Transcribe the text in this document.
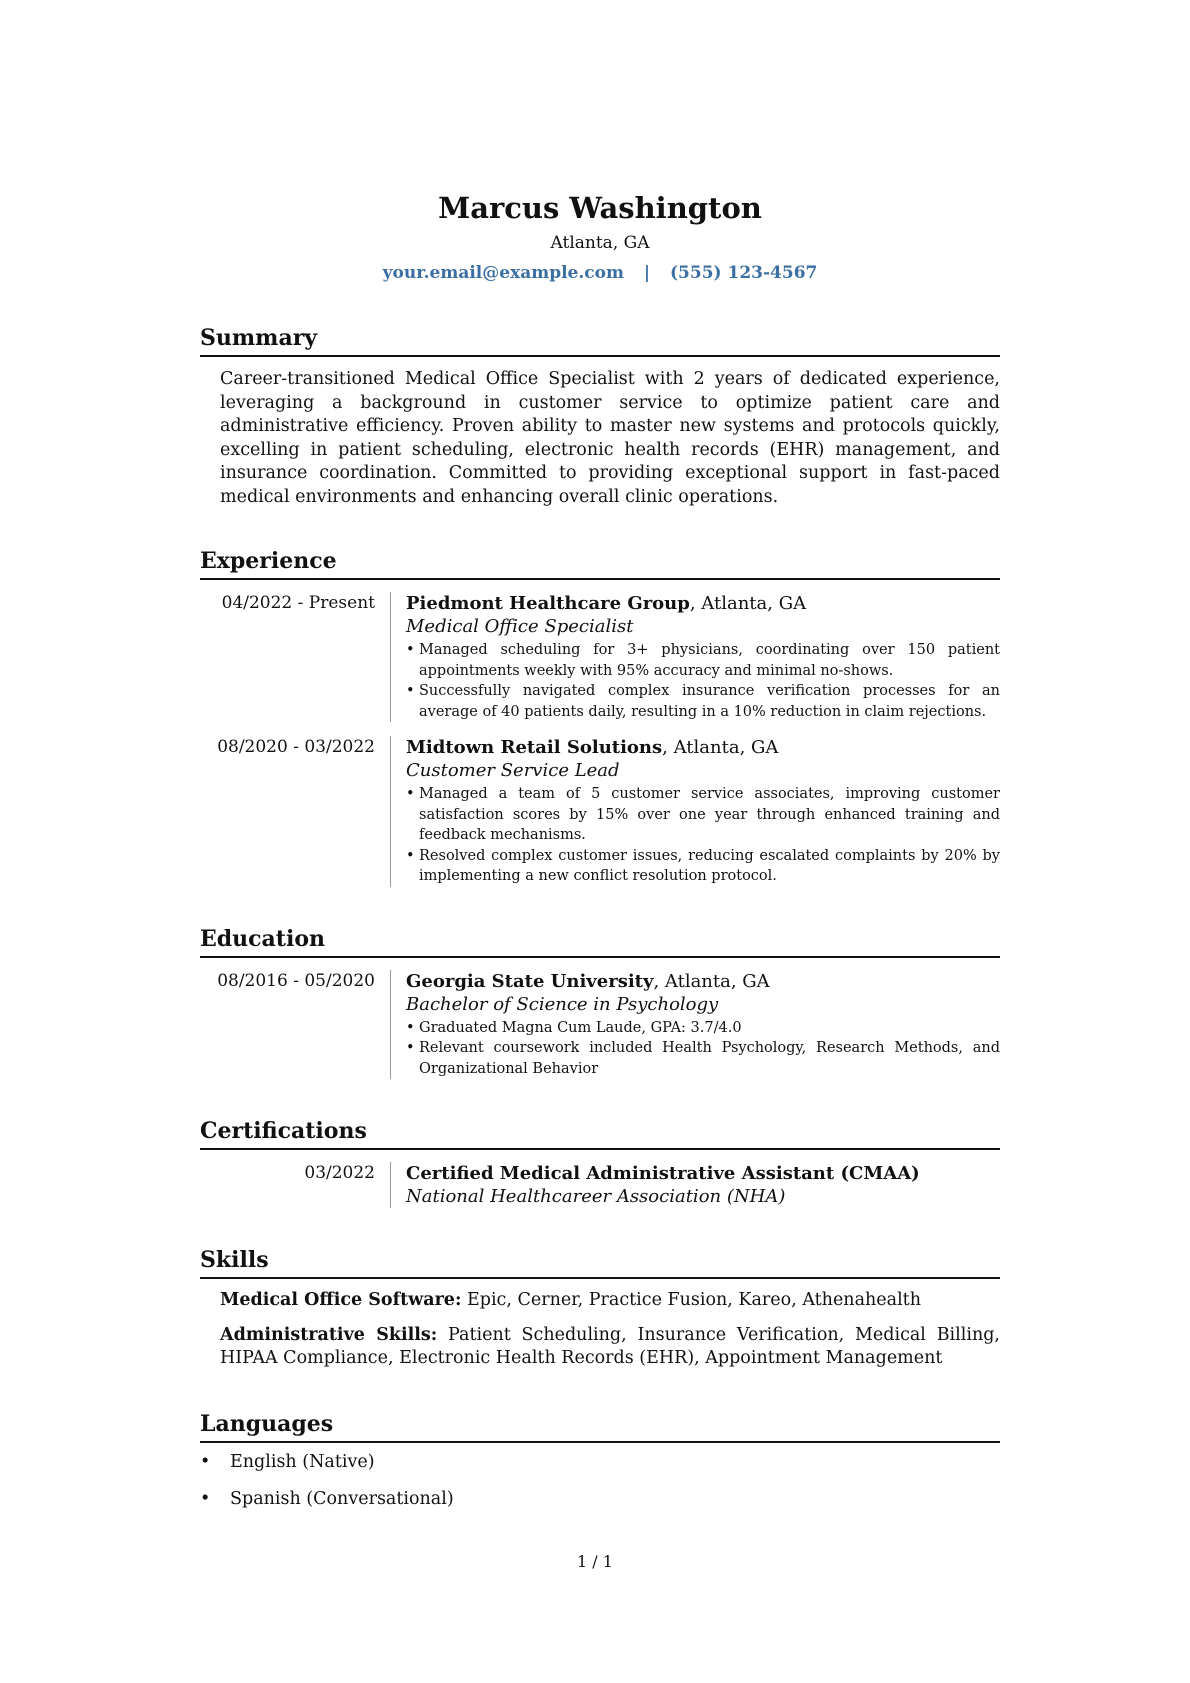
Marcus Washington
Atlanta, GA
your.email@example.com | (555) 123-4567
Summary

Career-transitioned Medical Office Specialist with 2 years of dedicated experience, leveraging a background in customer service to optimize patient care and administrative efficiency. Proven ability to master new systems and protocols quickly, excelling in patient scheduling, electronic health records (EHR) management, and insurance coordination. Committed to providing exceptional support in fast-paced medical environments and enhancing overall clinic operations.

Experience
04/2022 - Present	Piedmont Healthcare Group, Atlanta, GA
Medical Office Specialist
• Managed scheduling for 3+ physicians, coordinating over 150 patient appointments weekly with 95% accuracy and minimal no-shows.
• Successfully navigated complex insurance verification processes for an average of 40 patients daily, resulting in a 10% reduction in claim rejections.
08/2020 - 03/2022	Midtown Retail Solutions, Atlanta, GA
Customer Service Lead
• Managed a team of 5 customer service associates, improving customer satisfaction scores by 15% over one year through enhanced training and feedback mechanisms.
• Resolved complex customer issues, reducing escalated complaints by 20% by implementing a new conflict resolution protocol.
Education
08/2016 - 05/2020	Georgia State University, Atlanta, GA
Bachelor of Science in Psychology
• Graduated Magna Cum Laude, GPA: 3.7/4.0
• Relevant coursework included Health Psychology, Research Methods, and Organizational Behavior
Certifications
03/2022	Certified Medical Administrative Assistant (CMAA)
National Healthcareer Association (NHA)
Skills
Medical Office Software: Epic, Cerner, Practice Fusion, Kareo, Athenahealth
Administrative Skills: Patient Scheduling, Insurance Verification, Medical Billing, HIPAA Compliance, Electronic Health Records (EHR), Appointment Management
Languages
• English (Native)
• Spanish (Conversational)
1 / 1
